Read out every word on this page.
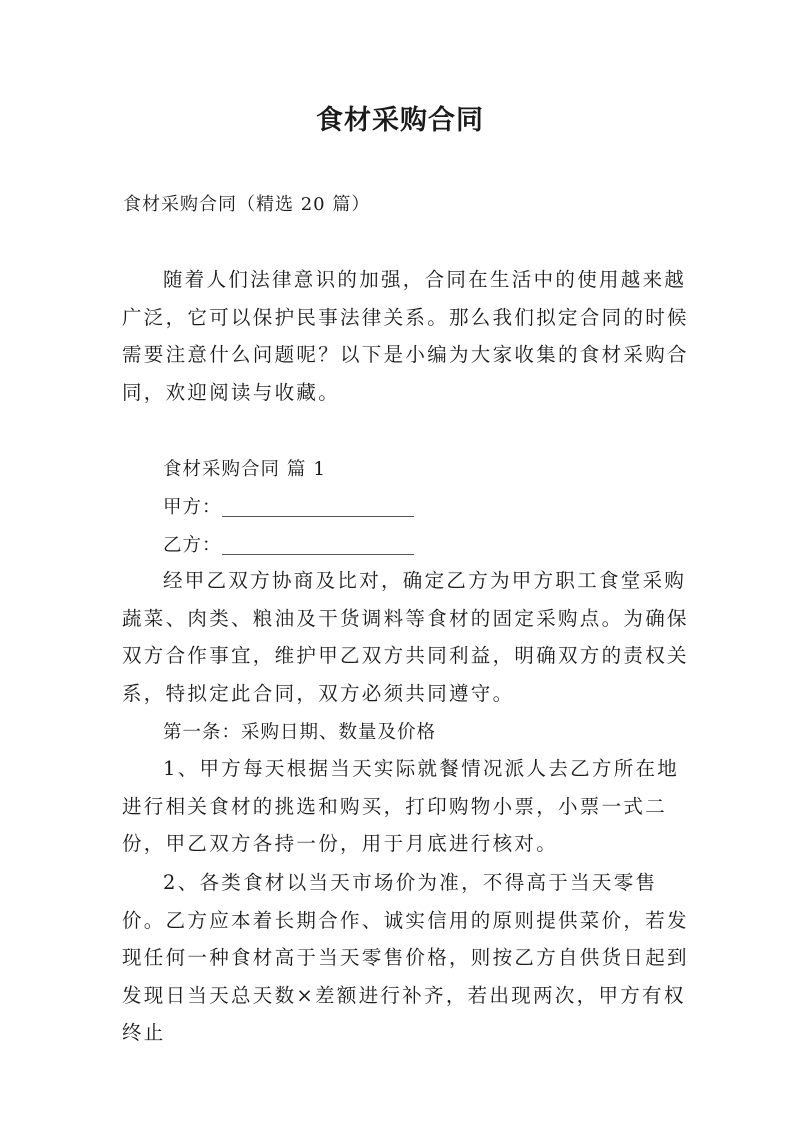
食材采购合同

食材采购合同（精选 20 篇）

随着人们法律意识的加强，合同在生活中的使用越来越广泛，它可以保护民事法律关系。那么我们拟定合同的时候需要注意什么问题呢？以下是小编为大家收集的食材采购合同，欢迎阅读与收藏。

食材采购合同 篇 1

甲方：

乙方：

经甲乙双方协商及比对，确定乙方为甲方职工食堂采购蔬菜、肉类、粮油及干货调料等食材的固定采购点。为确保双方合作事宜，维护甲乙双方共同利益，明确双方的责权关系，特拟定此合同，双方必须共同遵守。

第一条：采购日期、数量及价格

1、甲方每天根据当天实际就餐情况派人去乙方所在地进行相关食材的挑选和购买，打印购物小票，小票一式二份，甲乙双方各持一份，用于月底进行核对。

2、各类食材以当天市场价为准，不得高于当天零售价。乙方应本着长期合作、诚实信用的原则提供菜价，若发现任何一种食材高于当天零售价格，则按乙方自供货日起到发现日当天总天数×差额进行补齐，若出现两次，甲方有权终止
